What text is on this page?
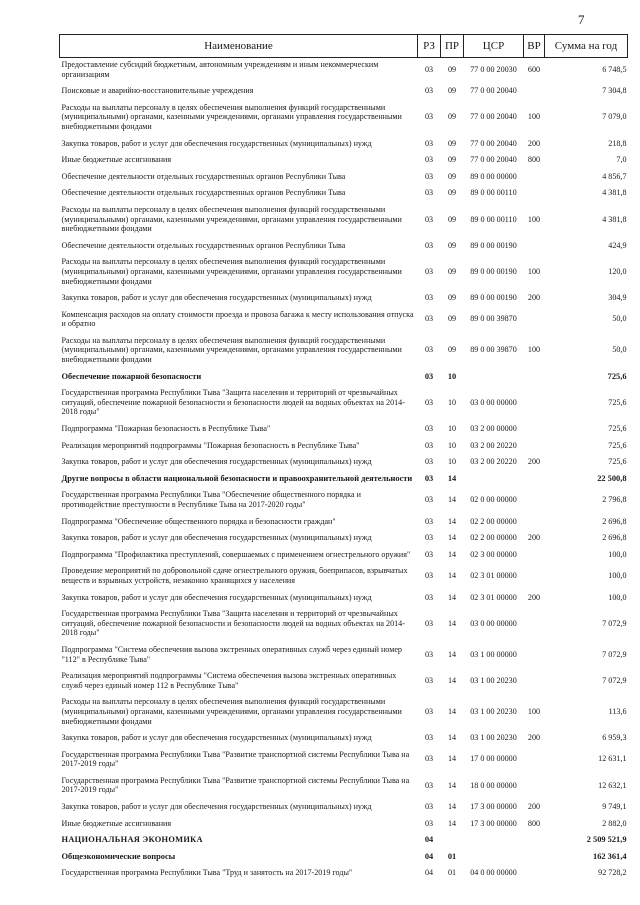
7
Наименование	РЗ	ПР	ЦСР	ВР	Сумма на год
Предоставление субсидий бюджетным, автономным учреждениям и иным некоммерческим организациям	03	09	77 0 00 20030	600	6 748,5
Поисковые и аварийно-восстановительные учреждения	03	09	77 0 00 20040		7 304,8
Расходы на выплаты персоналу в целях обеспечения выполнения функций государственными (муниципальными) органами, казенными учреждениями, органами управления государственными внебюджетными фондами	03	09	77 0 00 20040	100	7 079,0
Закупка товаров, работ и услуг для обеспечения государственных (муниципальных) нужд	03	09	77 0 00 20040	200	218,8
Иные бюджетные ассигнования	03	09	77 0 00 20040	800	7,0
Обеспечение деятельности отдельных государственных органов Республики Тыва	03	09	89 0 00 00000		4 856,7
Обеспечение деятельности отдельных государственных органов Республики Тыва	03	09	89 0 00 00110		4 381,8
Расходы на выплаты персоналу в целях обеспечения выполнения функций государственными (муниципальными) органами, казенными учреждениями, органами управления государственными внебюджетными фондами	03	09	89 0 00 00110	100	4 381,8
Обеспечение деятельности отдельных государственных органов Республики Тыва	03	09	89 0 00 00190		424,9
Расходы на выплаты персоналу в целях обеспечения выполнения функций государственными (муниципальными) органами, казенными учреждениями, органами управления государственными внебюджетными фондами	03	09	89 0 00 00190	100	120,0
Закупка товаров, работ и услуг для обеспечения государственных (муниципальных) нужд	03	09	89 0 00 00190	200	304,9
Компенсация расходов на оплату стоимости проезда и провоза багажа к месту использования отпуска и обратно	03	09	89 0 00 39870		50,0
Расходы на выплаты персоналу в целях обеспечения выполнения функций государственными (муниципальными) органами, казенными учреждениями, органами управления государственными внебюджетными фондами	03	09	89 0 00 39870	100	50,0
Обеспечение пожарной безопасности	03	10			725,6
Государственная программа Республики Тыва "Защита населения и территорий от чрезвычайных ситуаций, обеспечение пожарной безопасности и безопасности людей на водных объектах на 2014-2018 годы"	03	10	03 0 00 00000		725,6
Подпрограмма "Пожарная безопасность в Республике Тыва"	03	10	03 2 00 00000		725,6
Реализация мероприятий подпрограммы "Пожарная безопасность в Республике Тыва"	03	10	03 2 00 20220		725,6
Закупка товаров, работ и услуг для обеспечения государственных (муниципальных) нужд	03	10	03 2 00 20220	200	725,6
Другие вопросы в области национальной безопасности и правоохранительной деятельности	03	14			22 500,8
Государственная программа Республики Тыва "Обеспечение общественного порядка и противодействие преступности в Республике Тыва на 2017-2020 годы"	03	14	02 0 00 00000		2 796,8
Подпрограмма "Обеспечение общественного порядка и безопасности граждан"	03	14	02 2 00 00000		2 696,8
Закупка товаров, работ и услуг для обеспечения государственных (муниципальных) нужд	03	14	02 2 00 00000	200	2 696,8
Подпрограмма "Профилактика преступлений, совершаемых с применением огнестрельного оружия"	03	14	02 3 00 00000		100,0
Проведение мероприятий по добровольной сдаче огнестрельного оружия, боеприпасов, взрывчатых веществ и взрывных устройств, незаконно хранящихся у населения	03	14	02 3 01 00000		100,0
Закупка товаров, работ и услуг для обеспечения государственных (муниципальных) нужд	03	14	02 3 01 00000	200	100,0
Государственная программа Республики Тыва "Защита населения и территорий от чрезвычайных ситуаций, обеспечение пожарной безопасности и безопасности людей на водных объектах на 2014-2018 годы"	03	14	03 0 00 00000		7 072,9
Подпрограмма "Система обеспечения вызова экстренных оперативных служб через единый номер "112" в Республике Тыва"	03	14	03 1 00 00000		7 072,9
Реализация мероприятий подпрограммы "Система обеспечения вызова экстренных оперативных служб через единый номер 112 в Республике Тыва"	03	14	03 1 00 20230		7 072,9
Расходы на выплаты персоналу в целях обеспечения выполнения функций государственными (муниципальными) органами, казенными учреждениями, органами управления государственными внебюджетными фондами	03	14	03 1 00 20230	100	113,6
Закупка товаров, работ и услуг для обеспечения государственных (муниципальных) нужд	03	14	03 1 00 20230	200	6 959,3
Государственная программа Республики Тыва "Развитие транспортной системы Республики Тыва на 2017-2019 годы"	03	14	17 0 00 00000		12 631,1
Государственная программа Республики Тыва "Развитие транспортной системы Республики Тыва на 2017-2019 годы"	03	14	18 0 00 00000		12 632,1
Закупка товаров, работ и услуг для обеспечения государственных (муниципальных) нужд	03	14	17 3 00 00000	200	9 749,1
Иные бюджетные ассигнования	03	14	17 3 00 00000	800	2 882,0
НАЦИОНАЛЬНАЯ ЭКОНОМИКА	04				2 509 521,9
Общеэкономические вопросы	04	01			162 361,4
Государственная программа Республики Тыва "Труд и занятость на 2017-2019 годы"	04	01	04 0 00 00000		92 728,2
